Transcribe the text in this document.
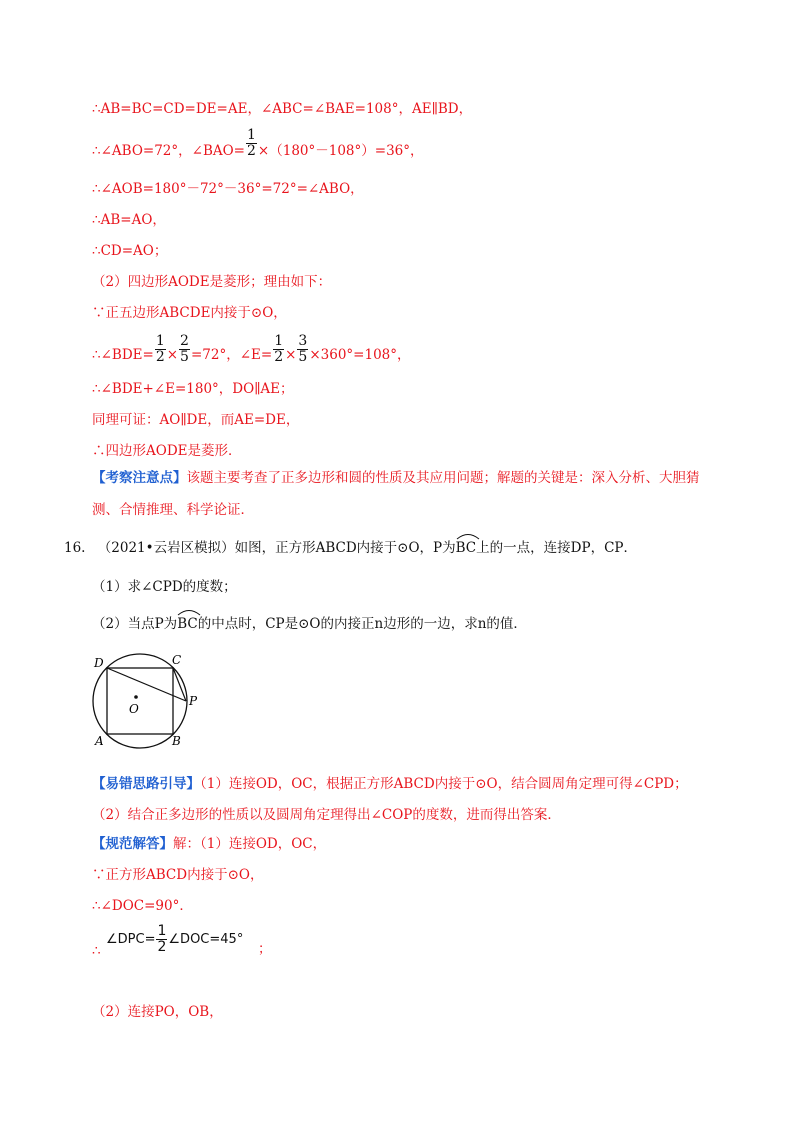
∴AB=BC=CD=DE=AE，∠ABC=∠BAE=108°，AE∥BD，
∴∠ABO=72°，∠BAO= $\frac{1}{2} \times(180^\circ-108^\circ)=36^\circ$，
∴∠AOB=180°－72°－36°=72°=∠ABO，
∴AB=AO，
∴CD=AO；
（2）四边形AODE是菱形；理由如下：
∵正五边形ABCDE内接于⊙O，
∴∠BDE= $\frac{1}{2} \times \frac{2}{5} =72^\circ$，∠E= $\frac{1}{2} \times \frac{3}{5} \times 360^\circ=108^\circ$，
∴∠BDE+∠E=180°，DO∥AE；
同理可证：AO∥DE，而AE=DE，
∴四边形AODE是菱形．
【考察注意点】该题主要考查了正多边形和圆的性质及其应用问题；解题的关键是：深入分析、大胆猜
测、合情推理、科学论证．
16. （2021•云岩区模拟）如图，正方形ABCD内接于⊙O，P为
BC上的一点，连接DP，CP．
（1）求∠CPD的度数；
（2）当点P为
BC的中点时，CP是⊙O的内接正n边形的一边，求n的值．
D	C
P
O
A	B
【易错思路引导】（1）连接OD，OC，根据正方形ABCD内接于⊙O，结合圆周角定理可得∠CPD；
（2）结合正多边形的性质以及圆周角定理得出∠COP的度数，进而得出答案．
【规范解答】解：（1）连接OD，OC，
∵正方形ABCD内接于⊙O，
∴∠DOC=90°．
∠DPC= $\frac{1}{2}$ ∠DOC=45°
∴	；
（2）连接PO，OB，
